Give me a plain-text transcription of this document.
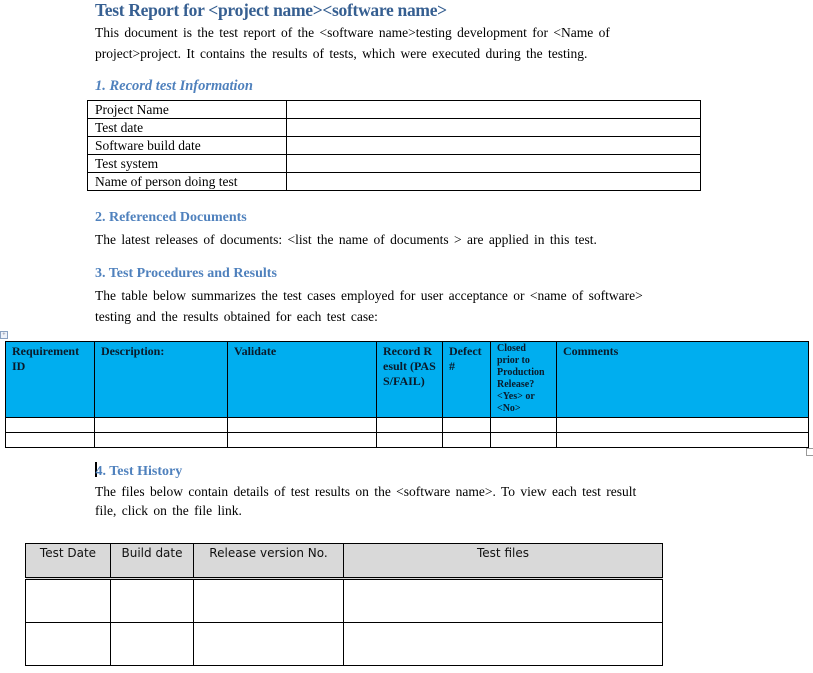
Test Report for <project name><software name>
This document is the test report of the <software name>testing development for <Name of
project>project. It contains the results of tests, which were executed during the testing.
1. Record test Information
Project Name	
Test date	
Software build date	
Test system	
Name of person doing test	
2. Referenced Documents
The latest releases of documents: <list the name of documents > are applied in this test.
3. Test Procedures and Results
The table below summarizes the test cases employed for user acceptance or <name of software>
testing and the results obtained for each test case:
+
Requirement ID	Description:	Validate	Record Result (PASS/FAIL)	Defect #	Closed prior to Production Release? <Yes> or <No>	Comments

4. Test History
The files below contain details of test results on the <software name>. To view each test result
file, click on the file link.
Test Date	Build date	Release version No.	Test files
